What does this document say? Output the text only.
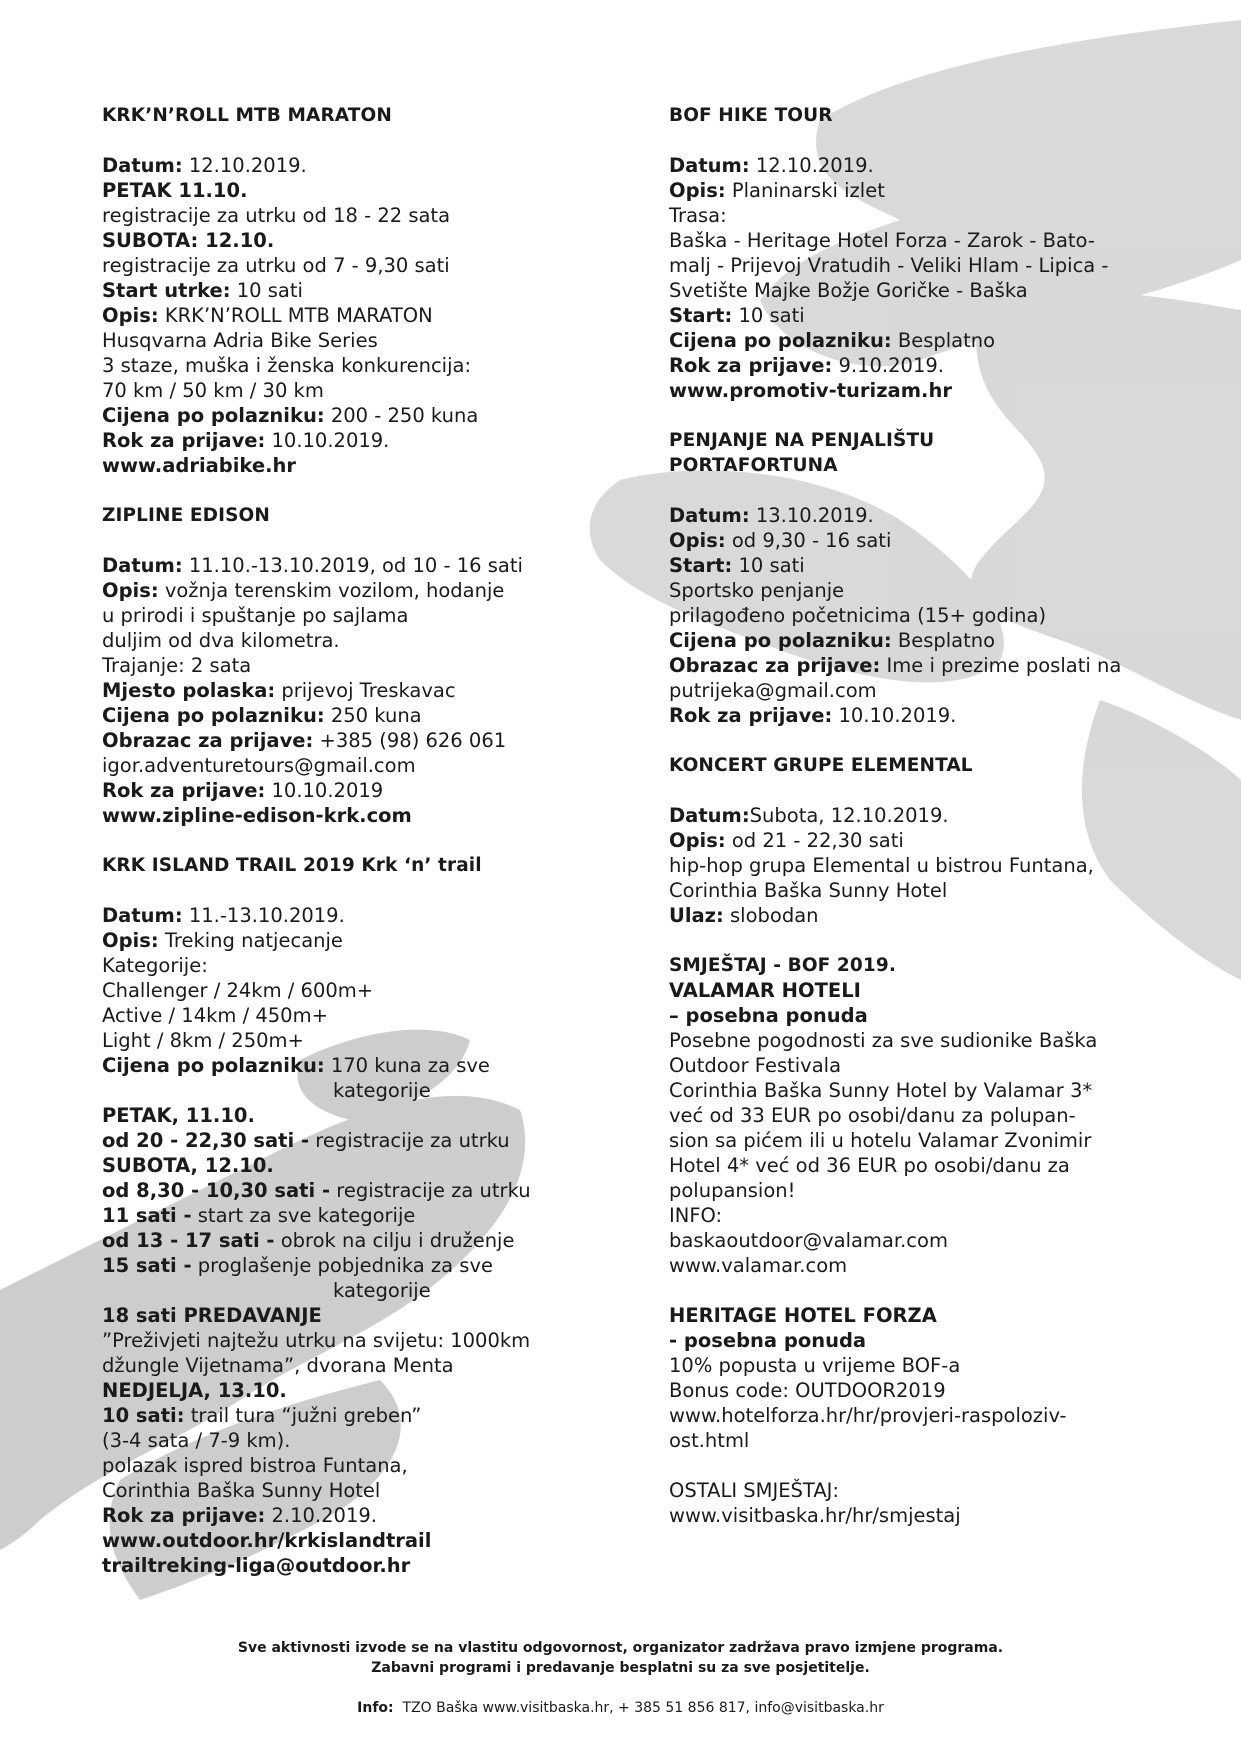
KRK’N’ROLL MTB MARATON
Datum: 12.10.2019.
PETAK 11.10.
registracije za utrku od 18 - 22 sata
SUBOTA: 12.10.
registracije za utrku od 7 - 9,30 sati
Start utrke: 10 sati
Opis: KRK’N’ROLL MTB MARATON
Husqvarna Adria Bike Series
3 staze, muška i ženska konkurencija:
70 km / 50 km / 30 km
Cijena po polazniku: 200 - 250 kuna
Rok za prijave: 10.10.2019.
www.adriabike.hr
ZIPLINE EDISON
Datum: 11.10.-13.10.2019, od 10 - 16 sati
Opis: vožnja terenskim vozilom, hodanje
u prirodi i spuštanje po sajlama
duljim od dva kilometra.
Trajanje: 2 sata
Mjesto polaska: prijevoj Treskavac
Cijena po polazniku: 250 kuna
Obrazac za prijave: +385 (98) 626 061
igor.adventuretours@gmail.com
Rok za prijave: 10.10.2019
www.zipline-edison-krk.com
KRK ISLAND TRAIL 2019 Krk ‘n’ trail
Datum: 11.-13.10.2019.
Opis: Treking natjecanje
Kategorije:
Challenger / 24km / 600m+
Active / 14km / 450m+
Light / 8km / 250m+
Cijena po polazniku: 170 kuna za sve
kategorije
PETAK, 11.10.
od 20 - 22,30 sati - registracije za utrku
SUBOTA, 12.10.
od 8,30 - 10,30 sati - registracije za utrku
11 sati - start za sve kategorije
od 13 - 17 sati - obrok na cilju i druženje
15 sati - proglašenje pobjednika za sve
kategorije
18 sati PREDAVANJE
”Preživjeti najtežu utrku na svijetu: 1000km
džungle Vijetnama”, dvorana Menta
NEDJELJA, 13.10.
10 sati: trail tura “južni greben”
(3-4 sata / 7-9 km).
polazak ispred bistroa Funtana,
Corinthia Baška Sunny Hotel
Rok za prijave: 2.10.2019.
www.outdoor.hr/krkislandtrail
trailtreking-liga@outdoor.hr
BOF HIKE TOUR
Datum: 12.10.2019.
Opis: Planinarski izlet
Trasa:
Baška - Heritage Hotel Forza - Zarok - Bato-
malj - Prijevoj Vratudih - Veliki Hlam - Lipica -
Svetište Majke Božje Goričke - Baška
Start: 10 sati
Cijena po polazniku: Besplatno
Rok za prijave: 9.10.2019.
www.promotiv-turizam.hr
PENJANJE NA PENJALIŠTU
PORTAFORTUNA
Datum: 13.10.2019.
Opis: od 9,30 - 16 sati
Start: 10 sati
Sportsko penjanje
prilagođeno početnicima (15+ godina)
Cijena po polazniku: Besplatno
Obrazac za prijave: Ime i prezime poslati na
putrijeka@gmail.com
Rok za prijave: 10.10.2019.
KONCERT GRUPE ELEMENTAL
Datum:Subota, 12.10.2019.
Opis: od 21 - 22,30 sati
hip-hop grupa Elemental u bistrou Funtana,
Corinthia Baška Sunny Hotel
Ulaz: slobodan
SMJEŠTAJ - BOF 2019.
VALAMAR HOTELI
– posebna ponuda
Posebne pogodnosti za sve sudionike Baška
Outdoor Festivala
Corinthia Baška Sunny Hotel by Valamar 3*
već od 33 EUR po osobi/danu za polupan-
sion sa pićem ili u hotelu Valamar Zvonimir
Hotel 4* već od 36 EUR po osobi/danu za
polupansion!
INFO:
baskaoutdoor@valamar.com
www.valamar.com
HERITAGE HOTEL FORZA
- posebna ponuda
10% popusta u vrijeme BOF-a
Bonus code: OUTDOOR2019
www.hotelforza.hr/hr/provjeri-raspoloziv-
ost.html
OSTALI SMJEŠTAJ:
www.visitbaska.hr/hr/smjestaj
Sve aktivnosti izvode se na vlastitu odgovornost, organizator zadržava pravo izmjene programa.
Zabavni programi i predavanje besplatni su za sve posjetitelje.
Info:  TZO Baška www.visitbaska.hr, + 385 51 856 817, info@visitbaska.hr
